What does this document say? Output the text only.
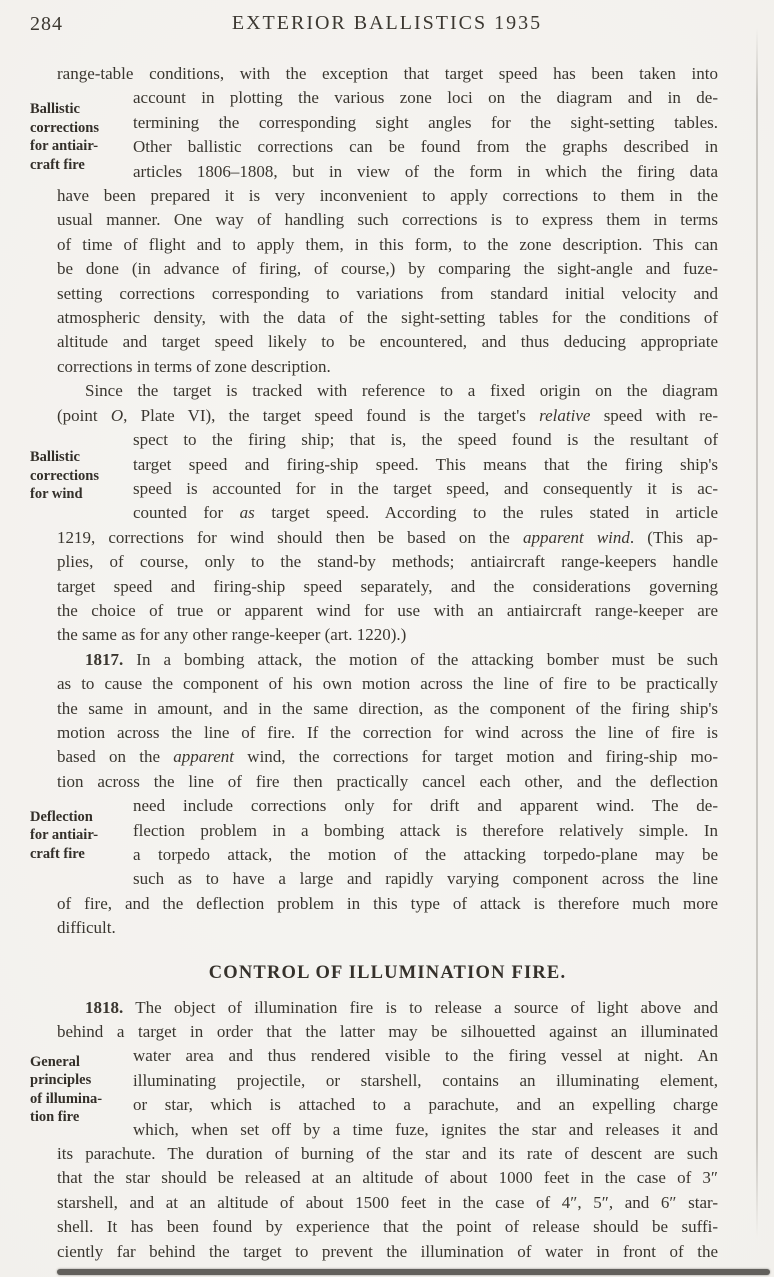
284	EXTERIOR BALLISTICS 1935
Ballistic
corrections
for antiair-
craft fire
range-table conditions, with the exception that target speed has been taken into
account in plotting the various zone loci on the diagram and in de-
termining the corresponding sight angles for the sight-setting tables.
Other ballistic corrections can be found from the graphs described in
articles 1806–1808, but in view of the form in which the firing data
have been prepared it is very inconvenient to apply corrections to them in the
usual manner. One way of handling such corrections is to express them in terms
of time of flight and to apply them, in this form, to the zone description. This can
be done (in advance of firing, of course,) by comparing the sight-angle and fuze-
setting corrections corresponding to variations from standard initial velocity and
atmospheric density, with the data of the sight-setting tables for the conditions of
altitude and target speed likely to be encountered, and thus deducing appropriate
corrections in terms of zone description.
Ballistic
corrections
for wind
Since the target is tracked with reference to a fixed origin on the diagram
(point O, Plate VI), the target speed found is the target's relative speed with re-
spect to the firing ship; that is, the speed found is the resultant of
target speed and firing-ship speed. This means that the firing ship's
speed is accounted for in the target speed, and consequently it is ac-
counted for as target speed. According to the rules stated in article
1219, corrections for wind should then be based on the apparent wind. (This ap-
plies, of course, only to the stand-by methods; antiaircraft range-keepers handle
target speed and firing-ship speed separately, and the considerations governing
the choice of true or apparent wind for use with an antiaircraft range-keeper are
the same as for any other range-keeper (art. 1220).)
Deflection
for antiair-
craft fire
1817. In a bombing attack, the motion of the attacking bomber must be such
as to cause the component of his own motion across the line of fire to be practically
the same in amount, and in the same direction, as the component of the firing ship's
motion across the line of fire. If the correction for wind across the line of fire is
based on the apparent wind, the corrections for target motion and firing-ship mo-
tion across the line of fire then practically cancel each other, and the deflection
need include corrections only for drift and apparent wind. The de-
flection problem in a bombing attack is therefore relatively simple. In
a torpedo attack, the motion of the attacking torpedo-plane may be
such as to have a large and rapidly varying component across the line
of fire, and the deflection problem in this type of attack is therefore much more
difficult.
CONTROL OF ILLUMINATION FIRE.
General
principles
of illumina-
tion fire
1818. The object of illumination fire is to release a source of light above and
behind a target in order that the latter may be silhouetted against an illuminated
water area and thus rendered visible to the firing vessel at night. An
illuminating projectile, or starshell, contains an illuminating element,
or star, which is attached to a parachute, and an expelling charge
which, when set off by a time fuze, ignites the star and releases it and
its parachute. The duration of burning of the star and its rate of descent are such
that the star should be released at an altitude of about 1000 feet in the case of 3″
starshell, and at an altitude of about 1500 feet in the case of 4″, 5″, and 6″ star-
shell. It has been found by experience that the point of release should be suffi-
ciently far behind the target to prevent the illumination of water in front of the
